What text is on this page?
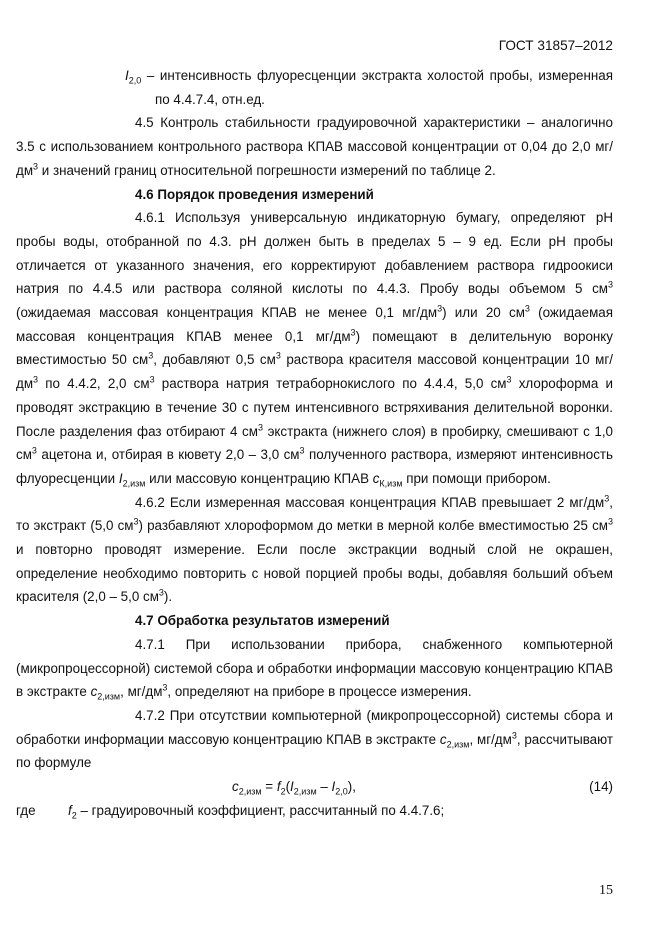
ГОСТ 31857–2012

$I_{2,0}$ – интенсивность флуоресценции экстракта холостой пробы, измеренная по 4.4.7.4, отн.ед.

4.5 Контроль стабильности градуировочной характеристики – аналогично 3.5 с использованием контрольного раствора КПАВ массовой концентрации от 0,04 до 2,0 $мг/дм^3$ и значений границ относительной погрешности измерений по таблице 2.

4.6 Порядок проведения измерений

4.6.1 Используя универсальную индикаторную бумагу, определяют рН пробы воды, отобранной по 4.3. рН должен быть в пределах 5 – 9 ед. Если рН пробы отличается от указанного значения, его корректируют добавлением раствора гидроокиси натрия по 4.4.5 или раствора соляной кислоты по 4.4.3. Пробу воды объемом 5 $см^3$ (ожидаемая массовая концентрация КПАВ не менее 0,1 $мг/дм^3$) или 20 $см^3$ (ожидаемая массовая концентрация КПАВ менее 0,1 $мг/дм^3$) помещают в делительную воронку вместимостью 50 $см^3$, добавляют 0,5 $см^3$ раствора красителя массовой концентрации 10 $мг/дм^3$ по 4.4.2, 2,0 $см^3$ раствора натрия тетраборнокислого по 4.4.4, 5,0 $см^3$ хлороформа и проводят экстракцию в течение 30 с путем интенсивного встряхивания делительной воронки. После разделения фаз отбирают 4 $см^3$ экстракта (нижнего слоя) в пробирку, смешивают с 1,0 $см^3$ ацетона и, отбирая в кювету 2,0 – 3,0 $см^3$ полученного раствора, измеряют интенсивность флуоресценции $I_{2,изм}$ или массовую концентрацию КПАВ $c_{К,изм}$ при помощи прибором.

4.6.2 Если измеренная массовая концентрация КПАВ превышает 2 $мг/дм^3$, то экстракт (5,0 $см^3$) разбавляют хлороформом до метки в мерной колбе вместимостью 25 $см^3$ и повторно проводят измерение. Если после экстракции водный слой не окрашен, определение необходимо повторить с новой порцией пробы воды, добавляя больший объем красителя (2,0 – 5,0 $см^3$).

4.7 Обработка результатов измерений

4.7.1 При использовании прибора, снабженного компьютерной (микропроцессорной) системой сбора и обработки информации массовую концентрацию КПАВ в экстракте $c_{2,изм}$, $мг/дм^3$, определяют на приборе в процессе измерения.

4.7.2 При отсутствии компьютерной (микропроцессорной) системы сбора и обработки информации массовую концентрацию КПАВ в экстракте $c_{2,изм}$, $мг/дм^3$, рассчитывают по формуле

$c_{2,изм} = f_2(I_{2,изм} - I_{2,0})$,	(14)
где $f_2$ – градуировочный коэффициент, рассчитанный по 4.4.7.6;
15
